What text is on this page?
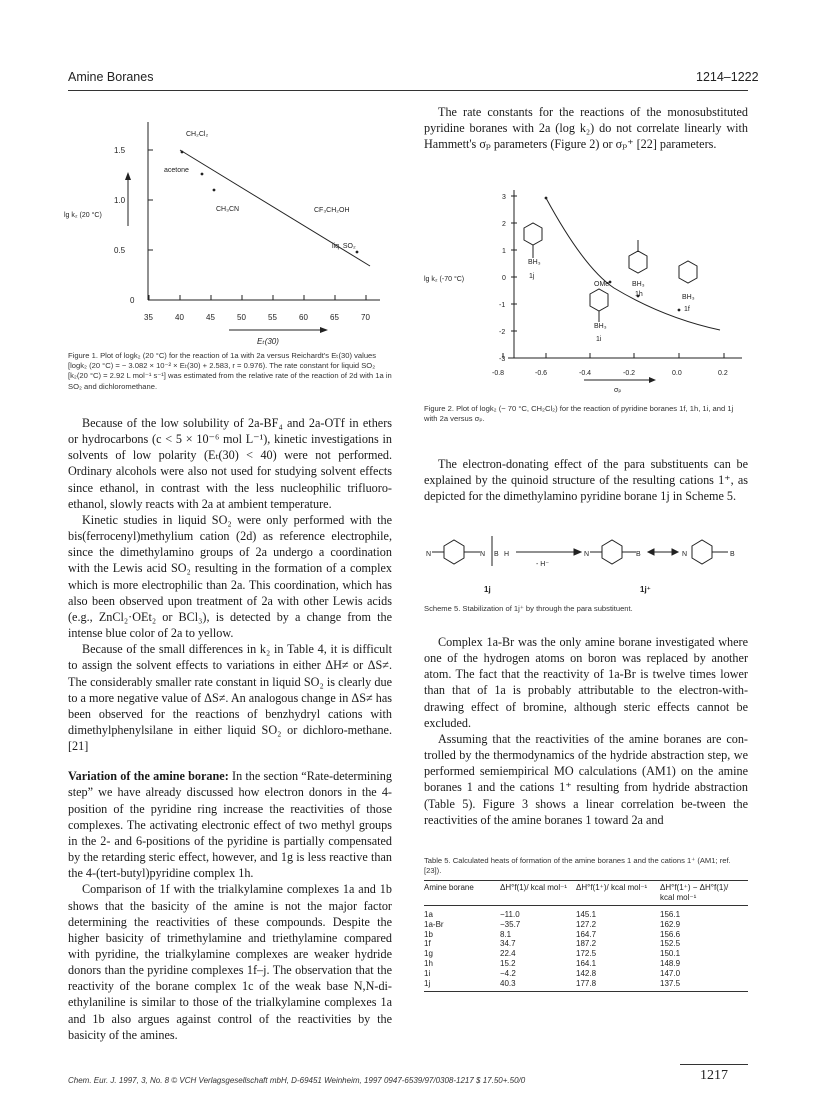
Amine Boranes	1214–1222
1.5
1.0
0.5
0
lg k₂ (20 °C)
35	40	45	50	55	60	65	70
Eₜ(30)
CH₂Cl₂
acetone
CH₃CN	CF₃CH₂OH
liq. SO₂
Figure 1. Plot of logk₂ (20 °C) for the reaction of 1a with 2a versus Reichardt's Eₜ(30) values [logk₂ (20 °C) = − 3.082 × 10⁻² × Eₜ(30) + 2.583, r = 0.976). The rate constant for liquid SO₂ [k₂(20 °C) = 2.92 L mol⁻¹ s⁻¹] was estimated from the relative rate of the reaction of 2d with 1a in SO₂ and dichloromethane.

Because of the low solubility of 2a-BF₄ and 2a-OTf in ethers or hydrocarbons (c < 5 × 10⁻⁶ mol L⁻¹), kinetic investigations in solvents of low polarity (Eₜ(30) < 40) were not performed. Ordinary alcohols were also not used for studying solvent effects since ethanol, in contrast with the less nucleophilic trifluoro-ethanol, slowly reacts with 2a at ambient temperature.

Kinetic studies in liquid SO₂ were only performed with the bis(ferrocenyl)methylium cation (2d) as reference electrophile, since the dimethylamino groups of 2a undergo a coordination with the Lewis acid SO₂ resulting in the formation of a complex which is more electrophilic than 2a. This coordination, which has also been observed upon treatment of 2a with other Lewis acids (e.g., ZnCl₂·OEt₂ or BCl₃), is detected by a change from the intense blue color of 2a to yellow.

Because of the small differences in k₂ in Table 4, it is difficult to assign the solvent effects to variations in either ΔH≠ or ΔS≠. The considerably smaller rate constant in liquid SO₂ is clearly due to a more negative value of ΔS≠. An analogous change in ΔS≠ has been observed for the reactions of benzhydryl cations with dimethylphenylsilane in either liquid SO₂ or dichloro-methane.[21]

Variation of the amine borane: In the section “Rate-determining step” we have already discussed how electron donors in the 4-position of the pyridine ring increase the reactivities of those complexes. The activating electronic effect of two methyl groups in the 2- and 6-positions of the pyridine is partially compensated by the retarding steric effect, however, and 1g is less reactive than the 4-(tert-butyl)pyridine complex 1h.

Comparison of 1f with the trialkylamine complexes 1a and 1b shows that the basicity of the amine is not the major factor determining the reactivities of these compounds. Despite the higher basicity of trimethylamine and triethylamine compared with pyridine, the trialkylamine complexes are weaker hydride donors than the pyridine complexes 1f–j. The observation that the reactivity of the borane complex 1c of the weak base N,N-di-ethylaniline is similar to those of the trialkylamine complexes 1a and 1b also argues against control of the reactivities by the basicity of the amines.

The rate constants for the reactions of the monosubstituted pyridine boranes with 2a (log k₂) do not correlate linearly with Hammett's σₚ parameters (Figure 2) or σₚ⁺ [22] parameters.

3
2
1
0
-1
-2
-3
lg k₂ (-70 °C)
-0.8	-0.6	-0.4	-0.2	0.0	0.2
σₚ
BH₃
1j
OMe
BH₃
1i
BH₃
1h	BH₃
1f
Figure 2. Plot of logk₂ (− 70 °C, CH₂Cl₂) for the reaction of pyridine boranes 1f, 1h, 1i, and 1j with 2a versus σₚ.

The electron-donating effect of the para substituents can be explained by the quinoid structure of the resulting cations 1⁺, as depicted for the dimethylamino pyridine borane 1j in Scheme 5.

N	N B H
- H⁻
N	B	N	B
1j	1j⁺
Scheme 5. Stabilization of 1j⁺ by through the para substituent.

Complex 1a-Br was the only amine borane investigated where one of the hydrogen atoms on boron was replaced by another atom. The fact that the reactivity of 1a-Br is twelve times lower than that of 1a is probably attributable to the electron-with-drawing effect of bromine, although steric effects cannot be excluded.

Assuming that the reactivities of the amine boranes are con-trolled by the thermodynamics of the hydride abstraction step, we performed semiempirical MO calculations (AM1) on the amine boranes 1 and the cations 1⁺ resulting from hydride abstraction (Table 5). Figure 3 shows a linear correlation be-tween the reactivities of the amine boranes 1 toward 2a and

Table 5. Calculated heats of formation of the amine boranes 1 and the cations 1⁺ (AM1; ref. [23]).
Amine borane	ΔH°f(1)/ kcal mol⁻¹	ΔH°f(1⁺)/ kcal mol⁻¹	ΔH°f(1⁺) − ΔH°f(1)/ kcal mol⁻¹
1a	−11.0	145.1	156.1
1a-Br	−35.7	127.2	162.9
1b	8.1	164.7	156.6
1f	34.7	187.2	152.5
1g	22.4	172.5	150.1
1h	15.2	164.1	148.9
1i	−4.2	142.8	147.0
1j	40.3	177.8	137.5
Chem. Eur. J. 1997, 3, No. 8 © VCH Verlagsgesellschaft mbH, D-69451 Weinheim, 1997 0947-6539/97/0308-1217 $ 17.50+.50/0	1217
